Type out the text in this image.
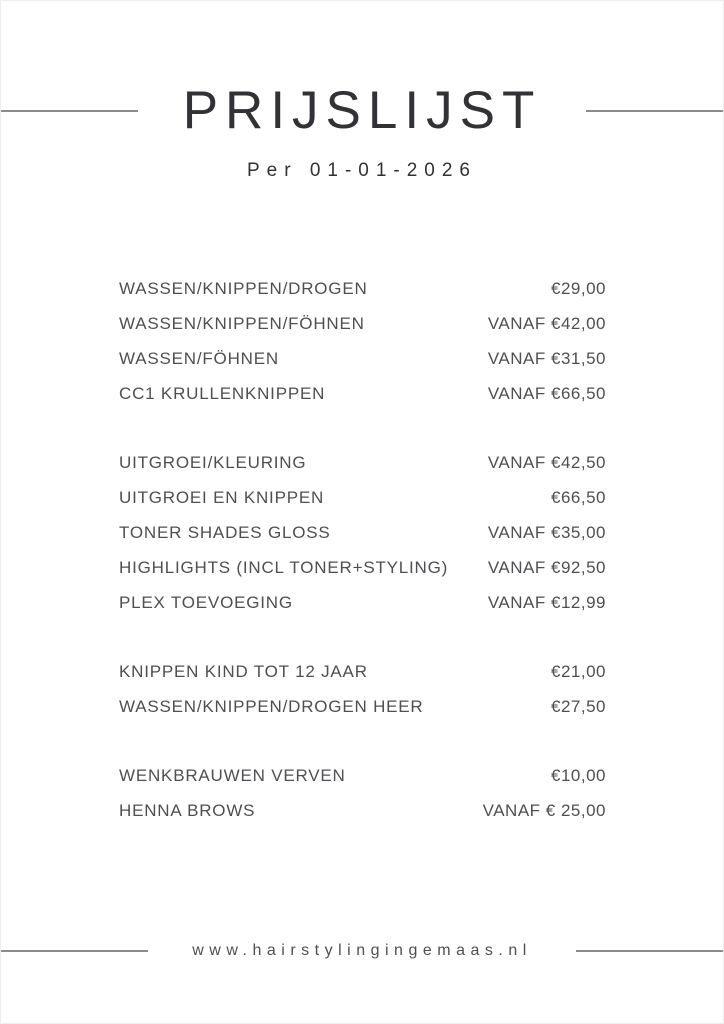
PRIJSLIJST
Per 01-01-2026
WASSEN/KNIPPEN/DROGEN	€29,00
WASSEN/KNIPPEN/FÖHNEN	VANAF €42,00
WASSEN/FÖHNEN	VANAF €31,50
CC1 KRULLENKNIPPEN	VANAF €66,50
UITGROEI/KLEURING	VANAF €42,50
UITGROEI EN KNIPPEN	€66,50
TONER SHADES GLOSS	VANAF €35,00
HIGHLIGHTS (INCL TONER+STYLING) VANAF €92,50
PLEX TOEVOEGING	VANAF €12,99
KNIPPEN KIND TOT 12 JAAR	€21,00
WASSEN/KNIPPEN/DROGEN HEER	€27,50
WENKBRAUWEN VERVEN	€10,00
HENNA BROWS	VANAF € 25,00
www.hairstylingingemaas.nl
